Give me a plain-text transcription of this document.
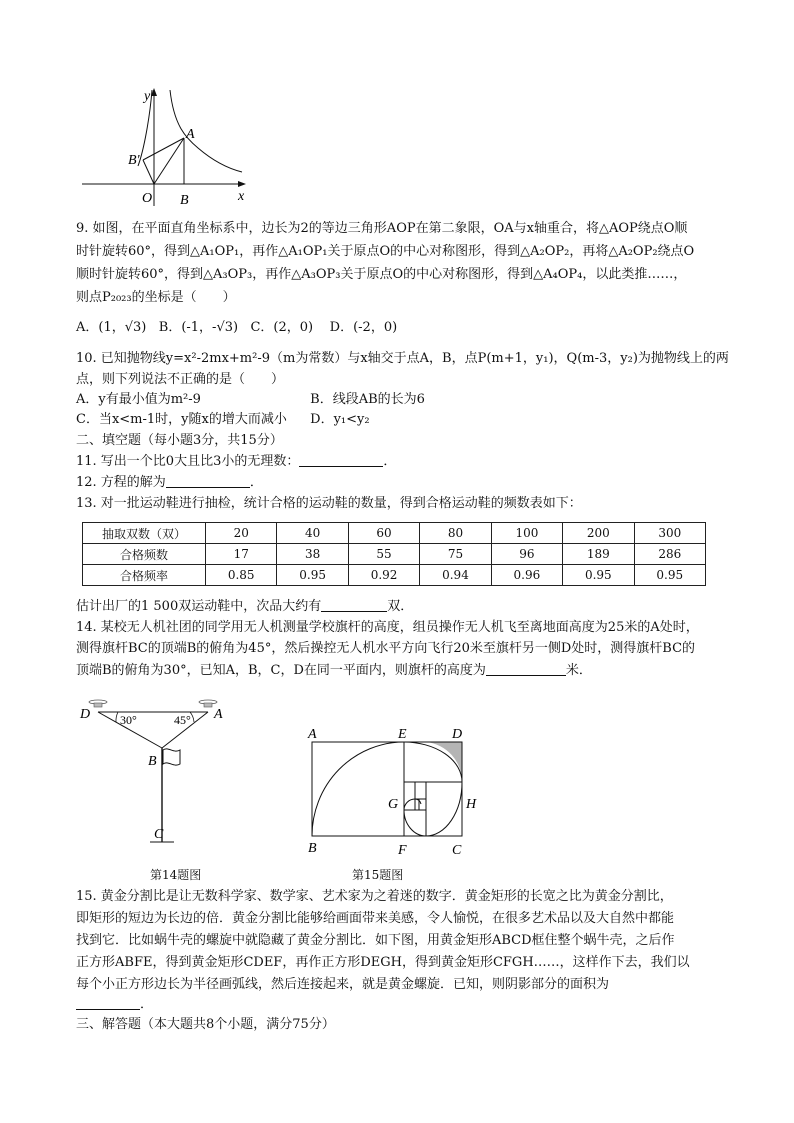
y
x
O
A
B
B'
9. 如图，在平面直角坐标系中，边长为2的等边三角形AOP在第二象限，OA与x轴重合，将△AOP绕点O顺
时针旋转60°，得到△A₁OP₁，再作△A₁OP₁关于原点O的中心对称图形，得到△A₂OP₂，再将△A₂OP₂绕点O
顺时针旋转60°，得到△A₃OP₃，再作△A₃OP₃关于原点O的中心对称图形，得到△A₄OP₄，以此类推……，
则点P₂₀₂₃的坐标是（　　）
A．(1，√3) B．(-1，-√3) C．(2，0) D．(-2，0)
10. 已知抛物线y=x²-2mx+m²-9（m为常数）与x轴交于点A，B，点P(m+1，y₁)，Q(m-3，y₂)为抛物线上的两
点，则下列说法不正确的是（　　）
A．y有最小值为m²-9	B．线段AB的长为6
C．当x<m-1时，y随x的增大而减小 D．y₁<y₂
二、填空题（每小题3分，共15分）
11. 写出一个比0大且比3小的无理数：	．
12. 方程的解为	．
13. 对一批运动鞋进行抽检，统计合格的运动鞋的数量，得到合格运动鞋的频数表如下：
抽取双数（双）	20	40	60	80	100	200	300
合格频数	17	38	55	75	96	189	286
合格频率	0.85	0.95	0.92	0.94	0.96	0.95	0.95
估计出厂的1 500双运动鞋中，次品大约有	双．
14. 某校无人机社团的同学用无人机测量学校旗杆的高度，组员操作无人机飞至离地面高度为25米的A处时，
测得旗杆BC的顶端B的俯角为45°，然后操控无人机水平方向飞行20米至旗杆另一侧D处时，测得旗杆BC的
顶端B的俯角为30°，已知A，B，C，D在同一平面内，则旗杆的高度为	米．
D	A
B
C
30°	45°
第14题图
A	E	D
G	H
B	F	C
第15题图
15. 黄金分割比是让无数科学家、数学家、艺术家为之着迷的数字．黄金矩形的长宽之比为黄金分割比，
即矩形的短边为长边的倍．黄金分割比能够给画面带来美感，令人愉悦，在很多艺术品以及大自然中都能
找到它．比如蜗牛壳的螺旋中就隐藏了黄金分割比．如下图，用黄金矩形ABCD框住整个蜗牛壳，之后作
正方形ABFE，得到黄金矩形CDEF，再作正方形DEGH，得到黄金矩形CFGH……，这样作下去，我们以
每个小正方形边长为半径画弧线，然后连接起来，就是黄金螺旋．已知，则阴影部分的面积为
．
三、解答题（本大题共8个小题，满分75分）
